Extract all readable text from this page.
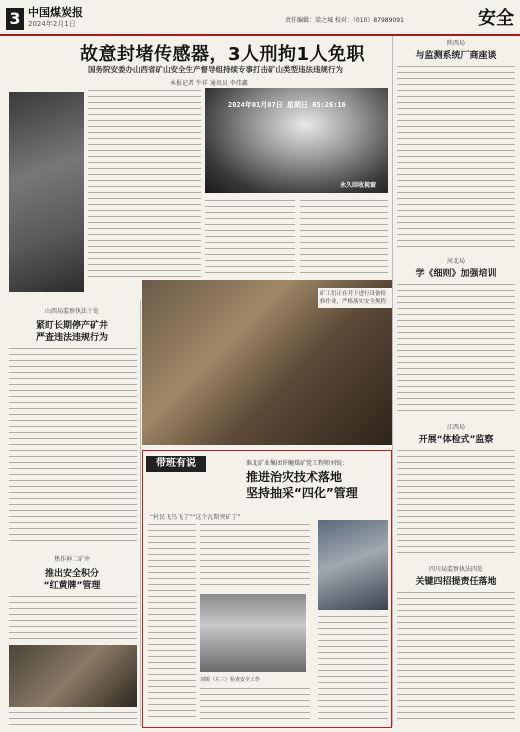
3 中国煤炭报
2024年2月1日	责任编辑：梁之城 校对：（010）87989091	安全
故意封堵传感器，3人刑拘1人免职
国务院安委办山西省矿山安全生产督导组持续专事打击矿山类型违法违规行为
本报记者 牛祥 通讯员 李伟鑫
2024年01月07日 星期日 05:26:16
永久回收视窗
山西局监察执法十处
紧盯长期停产矿井
严查违法违规行为
焦作神二矿井
推出安全积分
“红黄牌”管理
矿工们正在井下进行设备检修作业，严格落实安全规程
带班有说	淮北矿业集团许疃煤矿党工程师刘锐：
推进治灾技术落地
坚持抽采“四化”管理
“村民飞鸟飞了”“这个瓦斯突矿了”
刘锐（左三）检查安全工作
陕西局
与监测系统厂商座谈
河北局
学《细则》加强培训
江西局
开展“体检式”监察
四川局监察执法四处
关键四招提责任落地
